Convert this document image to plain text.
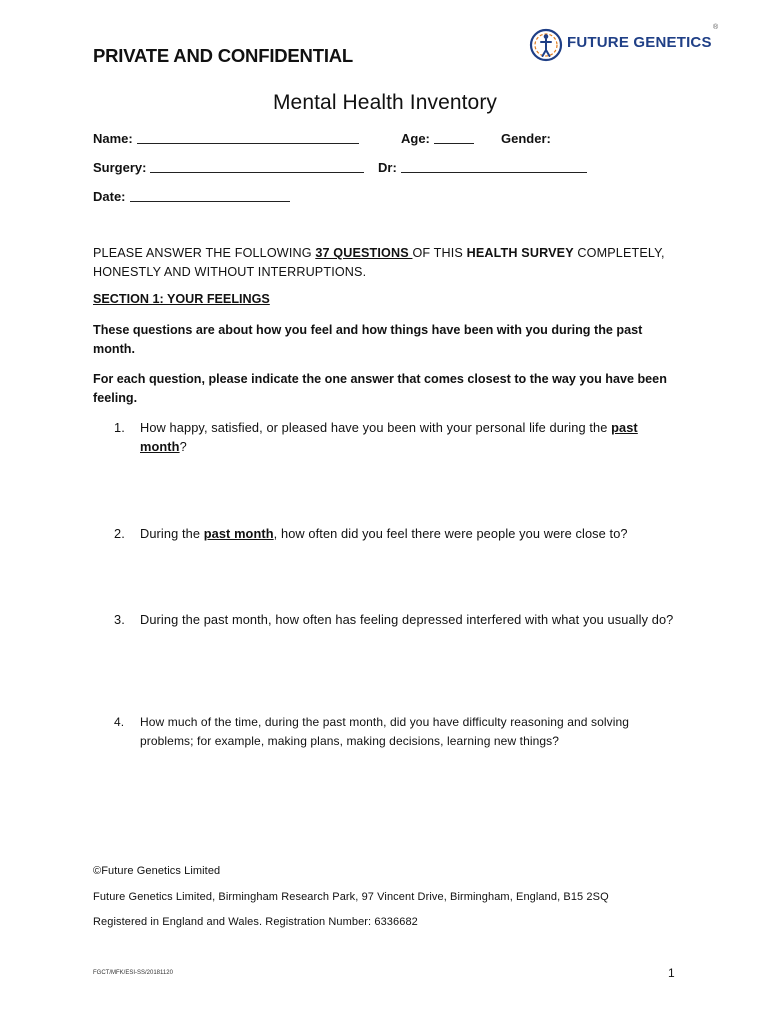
PRIVATE AND CONFIDENTIAL
FUTURE GENETICS
®
Mental Health Inventory
Name:	Age:	Gender:
Surgery:	Dr:
Date:
PLEASE ANSWER THE FOLLOWING 37 QUESTIONS OF THIS HEALTH SURVEY COMPLETELY, HONESTLY AND WITHOUT INTERRUPTIONS.
SECTION 1: YOUR FEELINGS
These questions are about how you feel and how things have been with you during the past month.
For each question, please indicate the one answer that comes closest to the way you have been feeling.
1. How happy, satisfied, or pleased have you been with your personal life during the past month?
2. During the past month, how often did you feel there were people you were close to?
3. During the past month, how often has feeling depressed interfered with what you usually do?
4. How much of the time, during the past month, did you have difficulty reasoning and solving problems; for example, making plans, making decisions, learning new things?
©Future Genetics Limited
Future Genetics Limited, Birmingham Research Park, 97 Vincent Drive, Birmingham, England, B15 2SQ
Registered in England and Wales. Registration Number: 6336682
FGCT/MFK/ESI-SS/20181120	1
